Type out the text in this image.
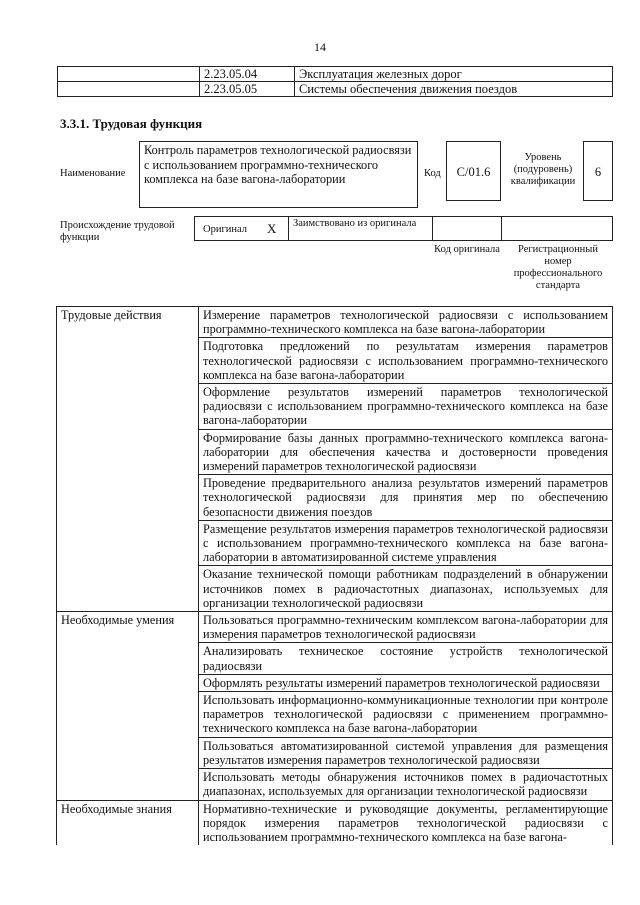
14
	2.23.05.04	Эксплуатация железных дорог
	2.23.05.05	Системы обеспечения движения поездов
3.3.1. Трудовая функция
Наименование
Контроль параметров технологической радиосвязи с использованием программно-технического комплекса на базе вагона-лаборатории	Код	C/01.6
Уровень (подуровень) квалификации
6
Происхождение трудовой функции
Оригинал X Заимствовано из оригинала
Код оригинала	Регистрационный номер профессионального стандарта
Трудовые действия	Измерение параметров технологической радиосвязи с использованием программно-технического комплекса на базе вагона-лаборатории
	Подготовка предложений по результатам измерения параметров технологической радиосвязи с использованием программно-технического комплекса на базе вагона-лаборатории
	Оформление результатов измерений параметров технологической радиосвязи с использованием программно-технического комплекса на базе вагона-лаборатории
	Формирование базы данных программно-технического комплекса вагона-лаборатории для обеспечения качества и достоверности проведения измерений параметров технологической радиосвязи
	Проведение предварительного анализа результатов измерений параметров технологической радиосвязи для принятия мер по обеспечению безопасности движения поездов
	Размещение результатов измерения параметров технологической радиосвязи с использованием программно-технического комплекса на базе вагона-лаборатории в автоматизированной системе управления
	Оказание технической помощи работникам подразделений в обнаружении источников помех в радиочастотных диапазонах, используемых для организации технологической радиосвязи
Необходимые умения	Пользоваться программно-техническим комплексом вагона-лаборатории для измерения параметров технологической радиосвязи
	Анализировать техническое состояние устройств технологической радиосвязи
	Оформлять результаты измерений параметров технологической радиосвязи
	Использовать информационно-коммуникационные технологии при контроле параметров технологической радиосвязи с применением программно-технического комплекса на базе вагона-лаборатории
	Пользоваться автоматизированной системой управления для размещения результатов измерения параметров технологической радиосвязи
	Использовать методы обнаружения источников помех в радиочастотных диапазонах, используемых для организации технологической радиосвязи
Необходимые знания	Нормативно-технические и руководящие документы, регламентирующие порядок измерения параметров технологической радиосвязи с использованием программно-технического комплекса на базе вагона-
